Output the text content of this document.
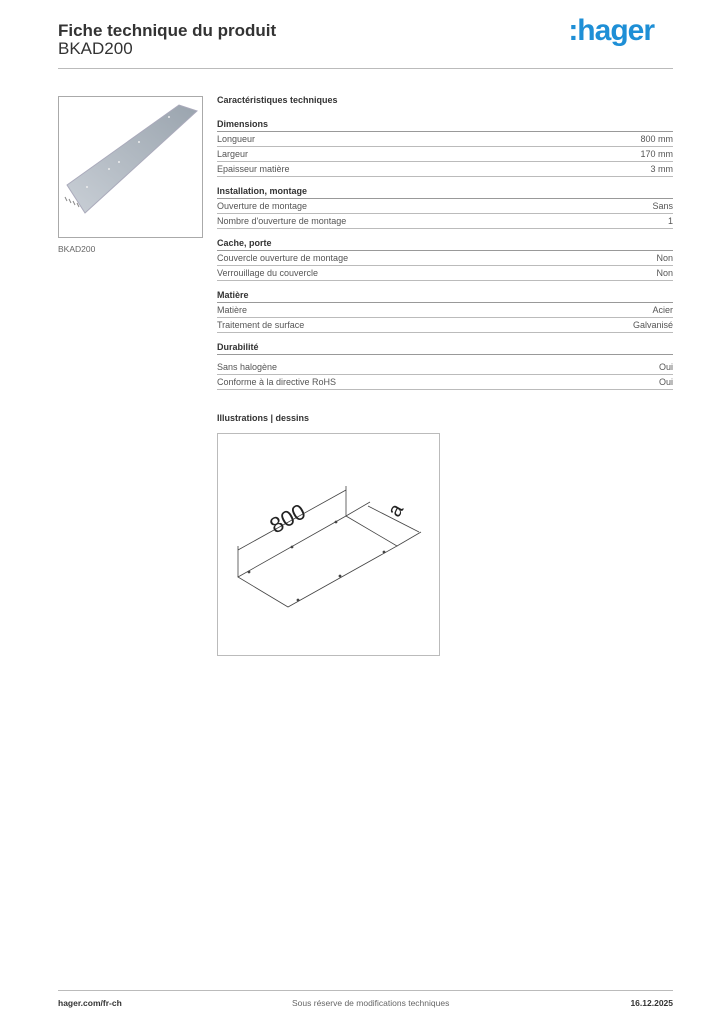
Fiche technique du produit
BKAD200
:hager
BKAD200
Caractéristiques techniques
Dimensions
Longueur	800 mm
Largeur	170 mm
Epaisseur matière	3 mm
Installation, montage
Ouverture de montage	Sans
Nombre d'ouverture de montage	1
Cache, porte
Couvercle ouverture de montage	Non
Verrouillage du couvercle	Non
Matière
Matière	Acier
Traitement de surface	Galvanisé
Durabilité
Sans halogène	Oui
Conforme à la directive RoHS	Oui
Illustrations | dessins
800	a
hager.com/fr-ch	Sous réserve de modifications techniques	16.12.2025
